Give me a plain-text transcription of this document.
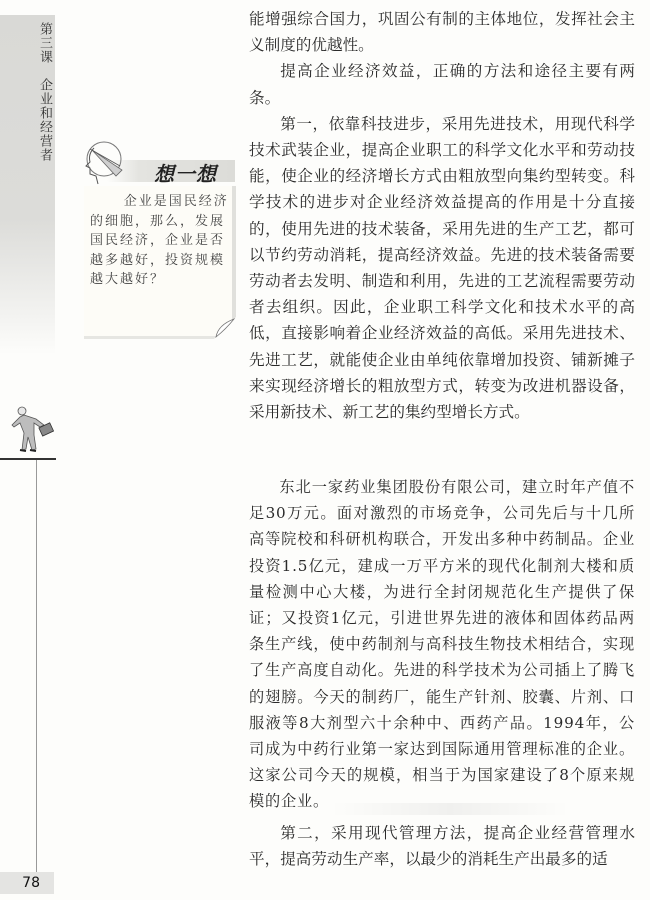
第三课企业和经营者
想一想
企业是国民经济的细胞，那么，发展国民经济，企业是否越多越好，投资规模越大越好？
78

能增强综合国力，巩固公有制的主体地位，发挥社会主义制度的优越性。

提高企业经济效益，正确的方法和途径主要有两条。

第一，依靠科技进步，采用先进技术，用现代科学技术武装企业，提高企业职工的科学文化水平和劳动技能，使企业的经济增长方式由粗放型向集约型转变。科学技术的进步对企业经济效益提高的作用是十分直接的，使用先进的技术装备，采用先进的生产工艺，都可以节约劳动消耗，提高经济效益。先进的技术装备需要劳动者去发明、制造和利用，先进的工艺流程需要劳动者去组织。因此，企业职工科学文化和技术水平的高低，直接影响着企业经济效益的高低。采用先进技术、先进工艺，就能使企业由单纯依靠增加投资、铺新摊子来实现经济增长的粗放型方式，转变为改进机器设备，采用新技术、新工艺的集约型增长方式。

东北一家药业集团股份有限公司，建立时年产值不足30万元。面对激烈的市场竞争，公司先后与十几所高等院校和科研机构联合，开发出多种中药制品。企业投资1.5亿元，建成一万平方米的现代化制剂大楼和质量检测中心大楼，为进行全封闭规范化生产提供了保证；又投资1亿元，引进世界先进的液体和固体药品两条生产线，使中药制剂与高科技生物技术相结合，实现了生产高度自动化。先进的科学技术为公司插上了腾飞的翅膀。今天的制药厂，能生产针剂、胶囊、片剂、口服液等8大剂型六十余种中、西药产品。1994年，公司成为中药行业第一家达到国际通用管理标准的企业。这家公司今天的规模，相当于为国家建设了8个原来规模的企业。

第二，采用现代管理方法，提高企业经营管理水平，提高劳动生产率，以最少的消耗生产出最多的适
